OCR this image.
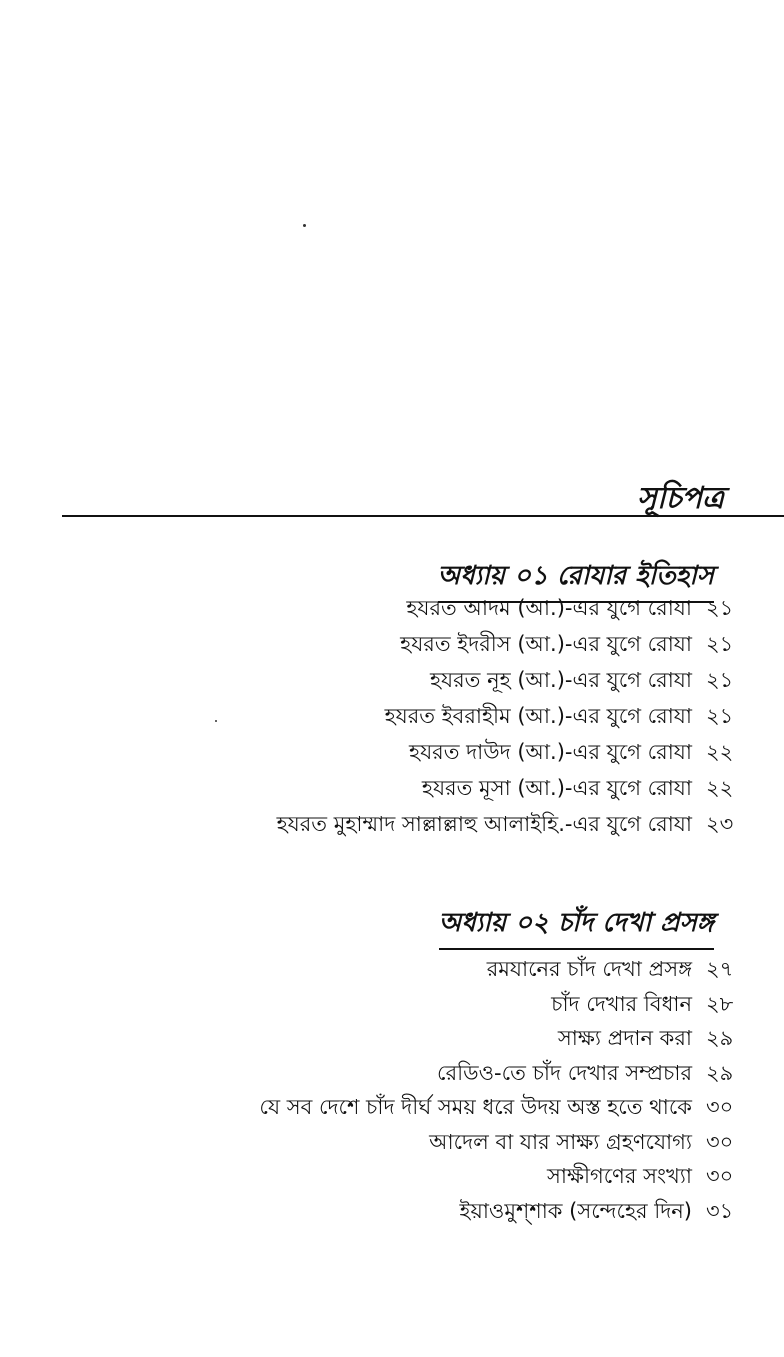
সূচিপত্র
অধ্যায় ০১ রোযার ইতিহাস
হযরত আদম (আ.)-এর যুগে রোযা ২১
হযরত ইদরীস (আ.)-এর যুগে রোযা ২১
হযরত নূহ (আ.)-এর যুগে রোযা ২১
হযরত ইবরাহীম (আ.)-এর যুগে রোযা ২১
হযরত দাউদ (আ.)-এর যুগে রোযা ২২
হযরত মূসা (আ.)-এর যুগে রোযা ২২
হযরত মুহাম্মাদ সাল্লাল্লাহু আলাইহি.-এর যুগে রোযা ২৩
অধ্যায় ০২ চাঁদ দেখা প্রসঙ্গ
রমযানের চাঁদ দেখা প্রসঙ্গ ২৭
চাঁদ দেখার বিধান ২৮
সাক্ষ্য প্রদান করা ২৯
রেডিও-তে চাঁদ দেখার সম্প্রচার ২৯
যে সব দেশে চাঁদ দীর্ঘ সময় ধরে উদয় অস্ত হতে থাকে ৩০
আদেল বা যার সাক্ষ্য গ্রহণযোগ্য ৩০
সাক্ষীগণের সংখ্যা ৩০
ইয়াওমুশ্‌শাক (সন্দেহের দিন) ৩১
